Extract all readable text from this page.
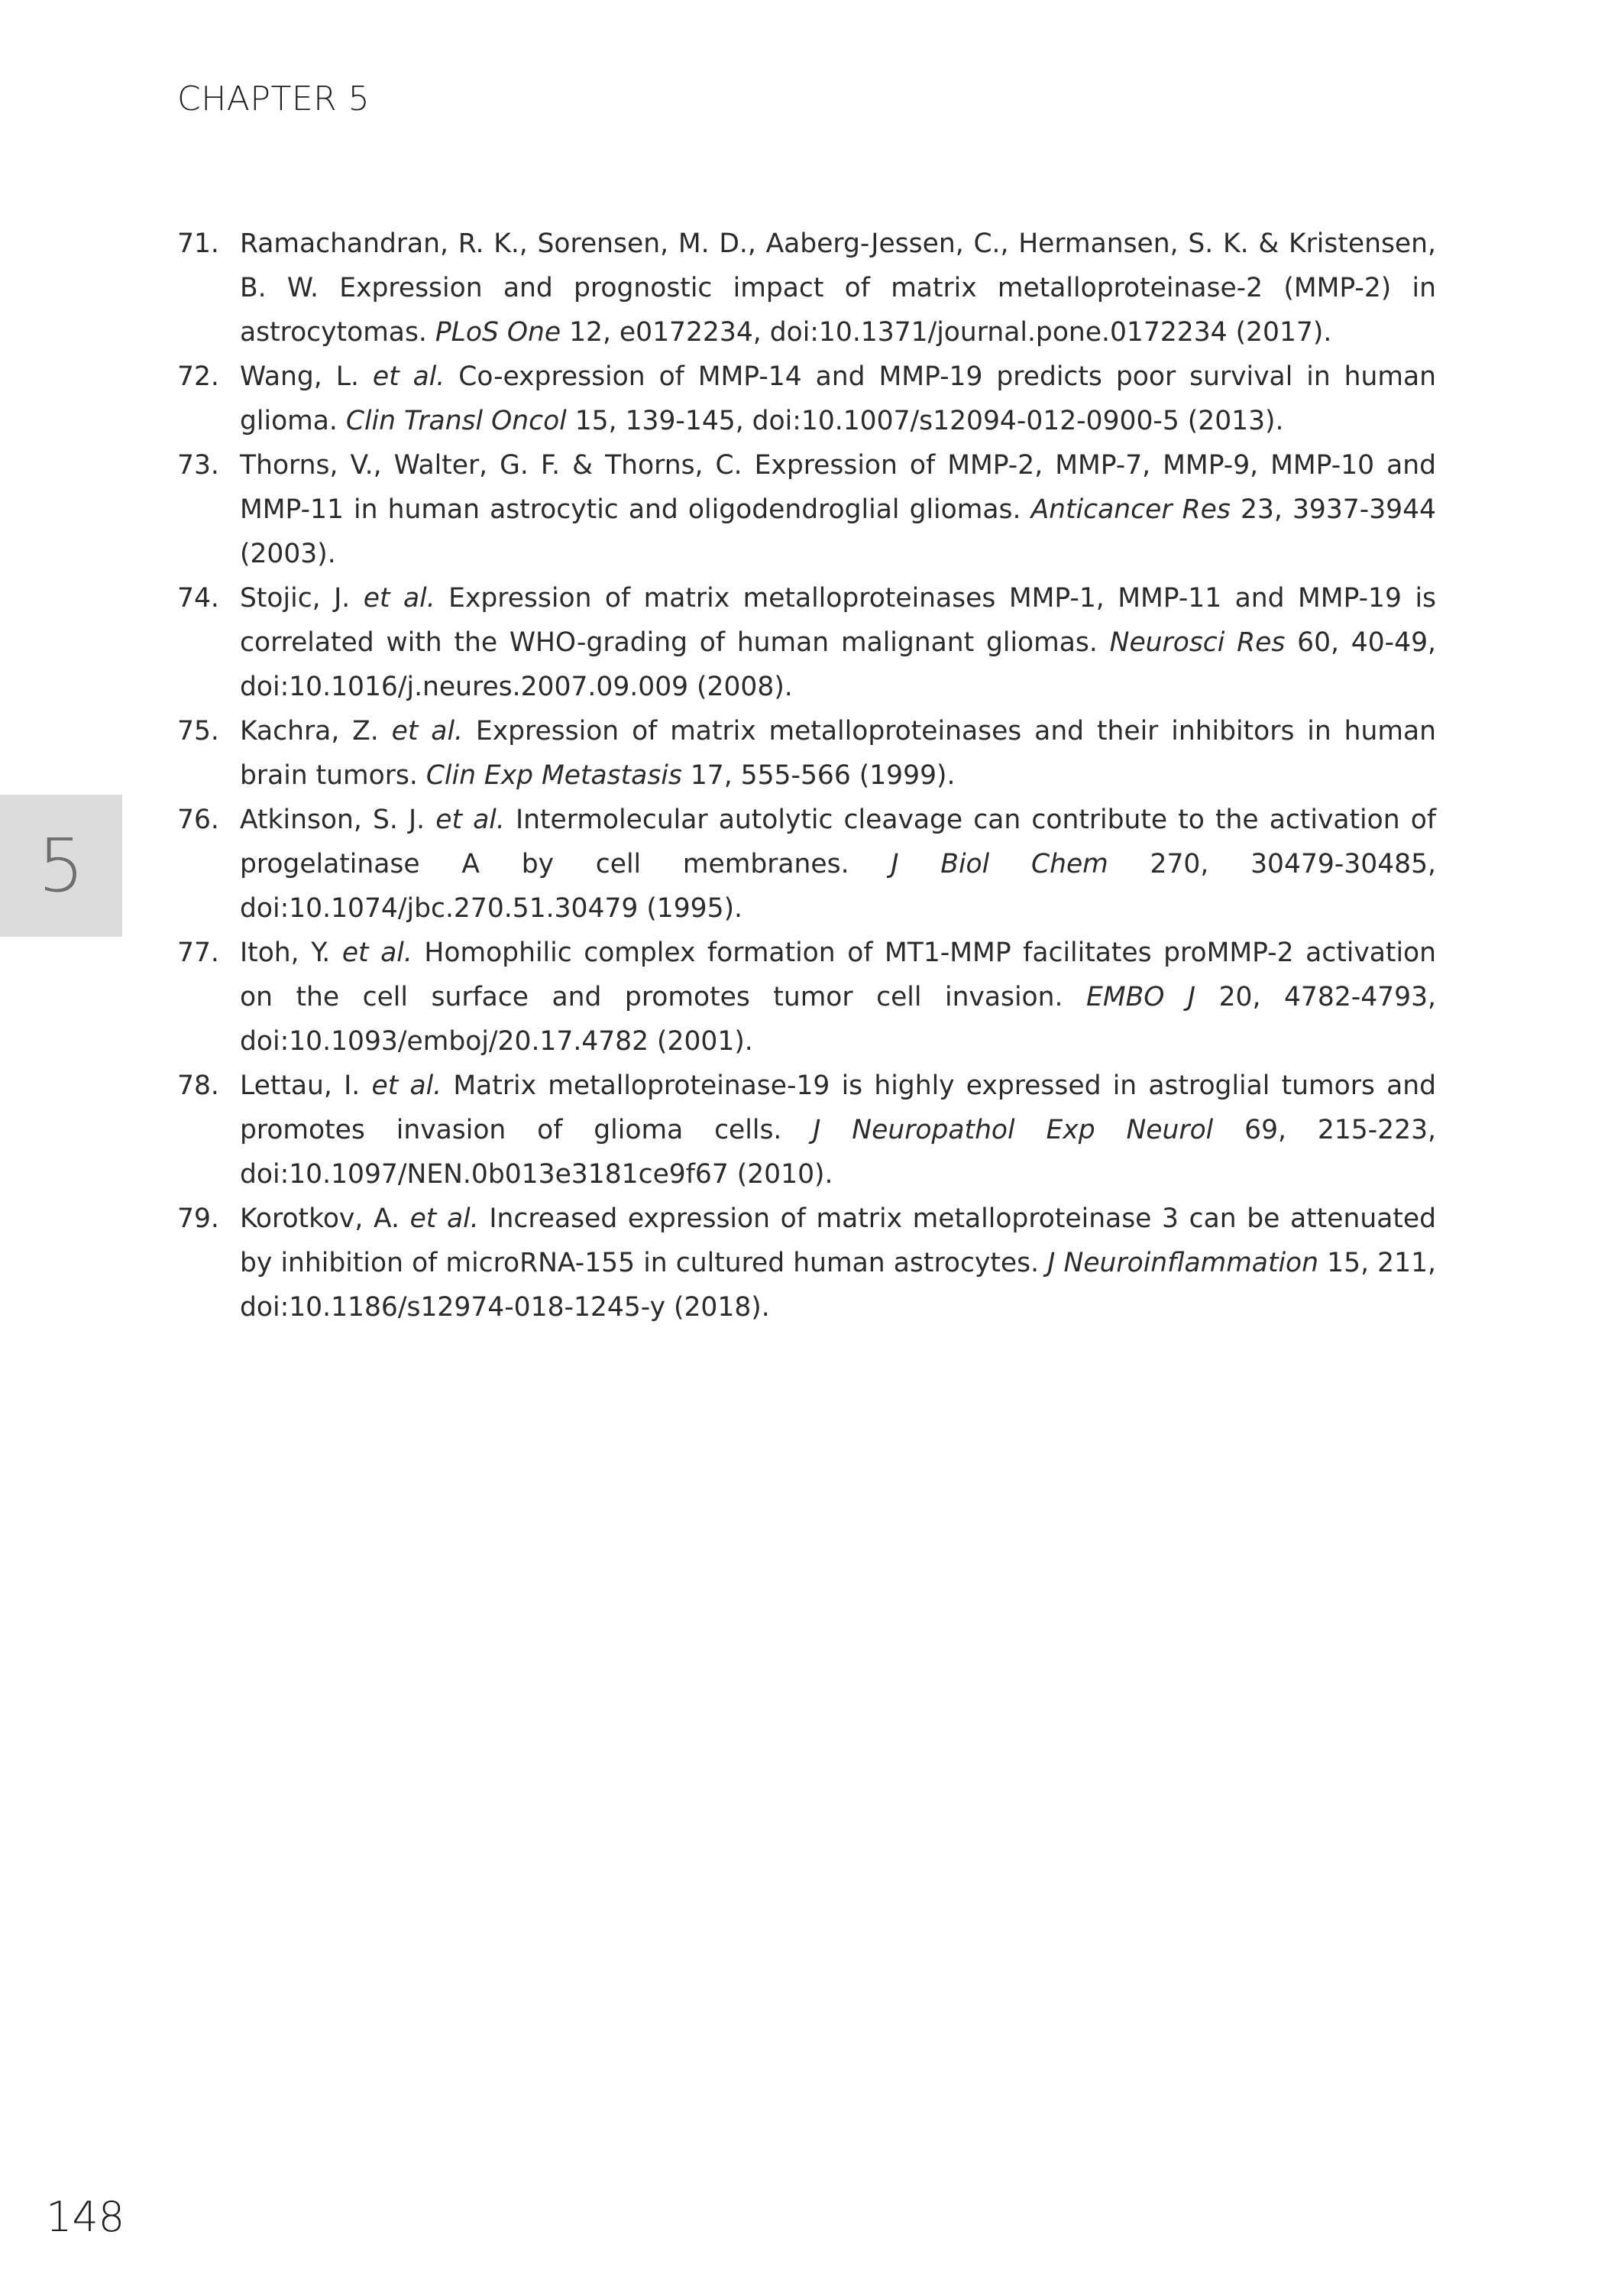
CHAPTER 5
5
71. Ramachandran, R. K., Sorensen, M. D., Aaberg-Jessen, C., Hermansen, S. K. & Kristensen, B. W. Expression and prognostic impact of matrix metalloproteinase-2 (MMP-2) in astrocytomas. PLoS One 12, e0172234, doi:10.1371/journal.pone.0172234 (2017).
72. Wang, L. et al. Co-expression of MMP-14 and MMP-19 predicts poor survival in human glioma. Clin Transl Oncol 15, 139-145, doi:10.1007/s12094-012-0900-5 (2013).
73. Thorns, V., Walter, G. F. & Thorns, C. Expression of MMP-2, MMP-7, MMP-9, MMP-10 and MMP-11 in human astrocytic and oligodendroglial gliomas. Anticancer Res 23, 3937-3944 (2003).
74. Stojic, J. et al. Expression of matrix metalloproteinases MMP-1, MMP-11 and MMP-19 is correlated with the WHO-grading of human malignant gliomas. Neurosci Res 60, 40-49, doi:10.1016/j.neures.2007.09.009 (2008).
75. Kachra, Z. et al. Expression of matrix metalloproteinases and their inhibitors in human brain tumors. Clin Exp Metastasis 17, 555-566 (1999).
76. Atkinson, S. J. et al. Intermolecular autolytic cleavage can contribute to the activation of progelatinase A by cell membranes. J Biol Chem 270, 30479-30485, doi:10.1074/jbc.270.51.30479 (1995).
77. Itoh, Y. et al. Homophilic complex formation of MT1-MMP facilitates proMMP-2 activation on the cell surface and promotes tumor cell invasion. EMBO J 20, 4782-4793, doi:10.1093/emboj/20.17.4782 (2001).
78. Lettau, I. et al. Matrix metalloproteinase-19 is highly expressed in astroglial tumors and promotes invasion of glioma cells. J Neuropathol Exp Neurol 69, 215-223, doi:10.1097/NEN.0b013e3181ce9f67 (2010).
79. Korotkov, A. et al. Increased expression of matrix metalloproteinase 3 can be attenuated by inhibition of microRNA-155 in cultured human astrocytes. J Neuroinflammation 15, 211, doi:10.1186/s12974-018-1245-y (2018).
148
